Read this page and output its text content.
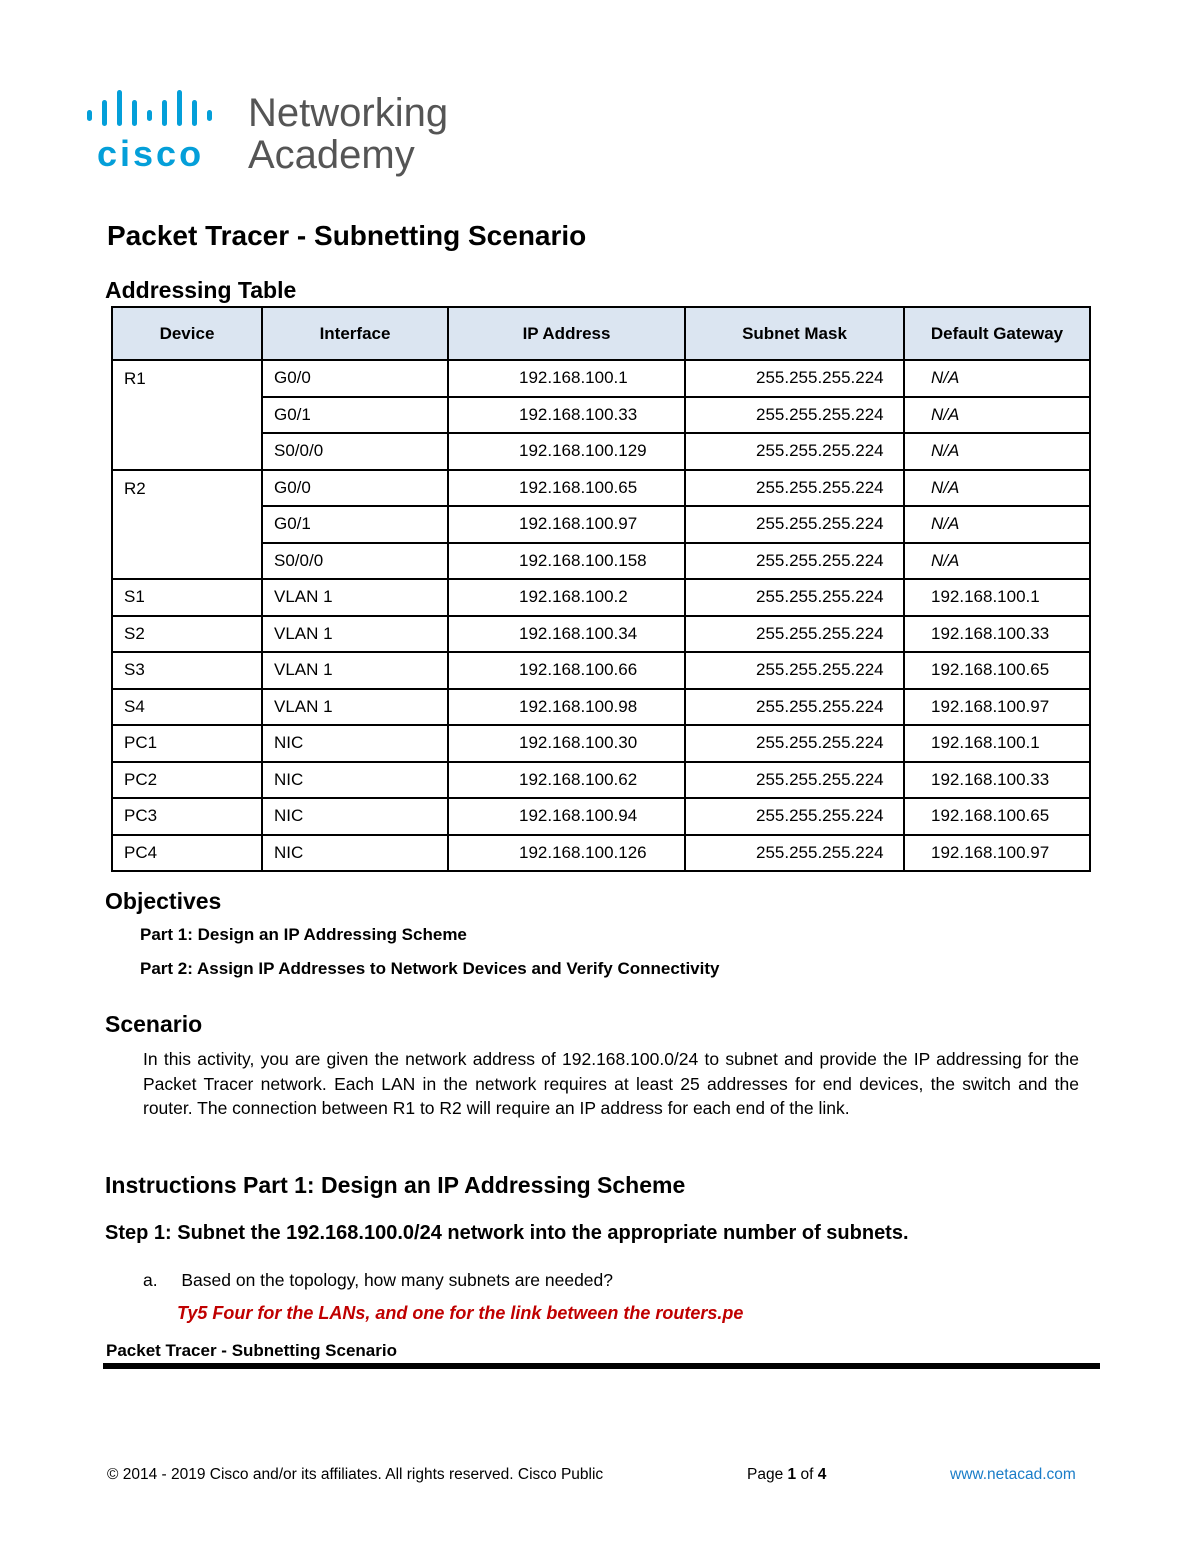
cisco
Networking
Academy
Packet Tracer - Subnetting Scenario
Addressing Table
Device	Interface	IP Address	Subnet Mask	Default Gateway
R1	G0/0	192.168.100.1	255.255.255.224	N/A
	G0/1	192.168.100.33	255.255.255.224	N/A
	S0/0/0	192.168.100.129	255.255.255.224	N/A
R2	G0/0	192.168.100.65	255.255.255.224	N/A
	G0/1	192.168.100.97	255.255.255.224	N/A
	S0/0/0	192.168.100.158	255.255.255.224	N/A
S1	VLAN 1	192.168.100.2	255.255.255.224	192.168.100.1
S2	VLAN 1	192.168.100.34	255.255.255.224	192.168.100.33
S3	VLAN 1	192.168.100.66	255.255.255.224	192.168.100.65
S4	VLAN 1	192.168.100.98	255.255.255.224	192.168.100.97
PC1	NIC	192.168.100.30	255.255.255.224	192.168.100.1
PC2	NIC	192.168.100.62	255.255.255.224	192.168.100.33
PC3	NIC	192.168.100.94	255.255.255.224	192.168.100.65
PC4	NIC	192.168.100.126	255.255.255.224	192.168.100.97
Objectives
Part 1: Design an IP Addressing Scheme
Part 2: Assign IP Addresses to Network Devices and Verify Connectivity
Scenario
In this activity, you are given the network address of 192.168.100.0/24 to subnet and provide the IP addressing for the Packet Tracer network. Each LAN in the network requires at least 25 addresses for end devices, the switch and the router. The connection between R1 to R2 will require an IP address for each end of the link.
Instructions Part 1: Design an IP Addressing Scheme
Step 1: Subnet the 192.168.100.0/24 network into the appropriate number of subnets.
a. Based on the topology, how many subnets are needed?
Ty5 Four for the LANs, and one for the link between the routers.pe
Packet Tracer - Subnetting Scenario
© 2014 - 2019 Cisco and/or its affiliates. All rights reserved. Cisco Public	Page 1 of 4	www.netacad.com
